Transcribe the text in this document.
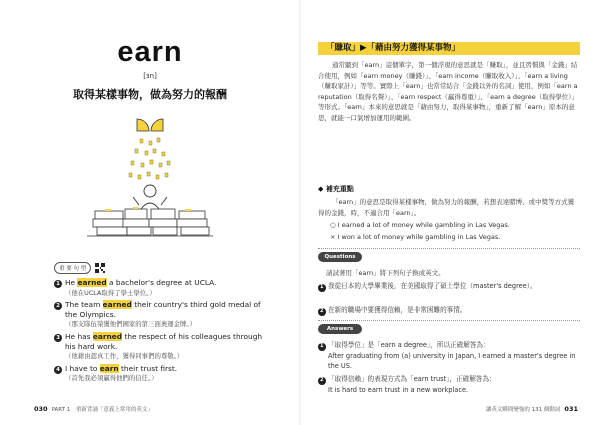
earn
[ɜn]
取得某樣事物，做為努力的報酬
重 要 句 型
1 He earned a bachelor's degree at UCLA.
（他在UCLA取得了學士學位。）
2 The team earned their country's third gold medal of the Olympics.
（那支隊伍榮獲他們國家的第三面奧運金牌。）
3 He has earned the respect of his colleagues through his hard work.
（他藉由認真工作，獲得同事們的尊敬。）
4 I have to earn their trust first.
（首先我必須贏得他們的信任。）
030 PART 1　重新背誦「意義上常用的英文」
「賺取」▶「藉由努力獲得某事物」
通常聽到「earn」這個單字，第一個浮現的意思就是「賺取」，並且習慣與「金錢」結合使用，例如「earn money（賺錢）」、「earn income（賺取收入）」、「earn a living（賺取家計）」等等。實際上「earn」也常常結合「金錢以外的名詞」使用，例如「earn a reputation（取得名聲）」、「earn respect（贏得尊重）」、「earn a degree（取得學位）」等形式。「earn」本來的意思就是「藉由努力，取得某事物」，重新了解「earn」原本的意思，就能一口氣增加運用的範圍。
◆ 補充重點
「earn」的意思是取得某樣事物，做為努力的報酬，若想表達賭博、或中獎等方式獲得的金錢，時，不適合用「earn」。
○ I earned a lot of money while gambling in Las Vegas.
× I won a lot of money while gambling in Las Vegas.
Questions
請試著用「earn」將下列句子換成英文。
1 我從日本的大學畢業後，在美國取得了碩士學位（master's degree）。
2 在新的職場中要獲得信賴，是非常困難的事情。
Answers
1 「取得學位」是「earn a degree」，所以正確解答為：
After graduating from (a) university in Japan, I earned a master's degree in the US.
2 「取得信賴」的表現方式為「earn trust」，正確解答為：
It is hard to earn trust in a new workplace.
讓英文瞬間變強的 131 個動詞 031
